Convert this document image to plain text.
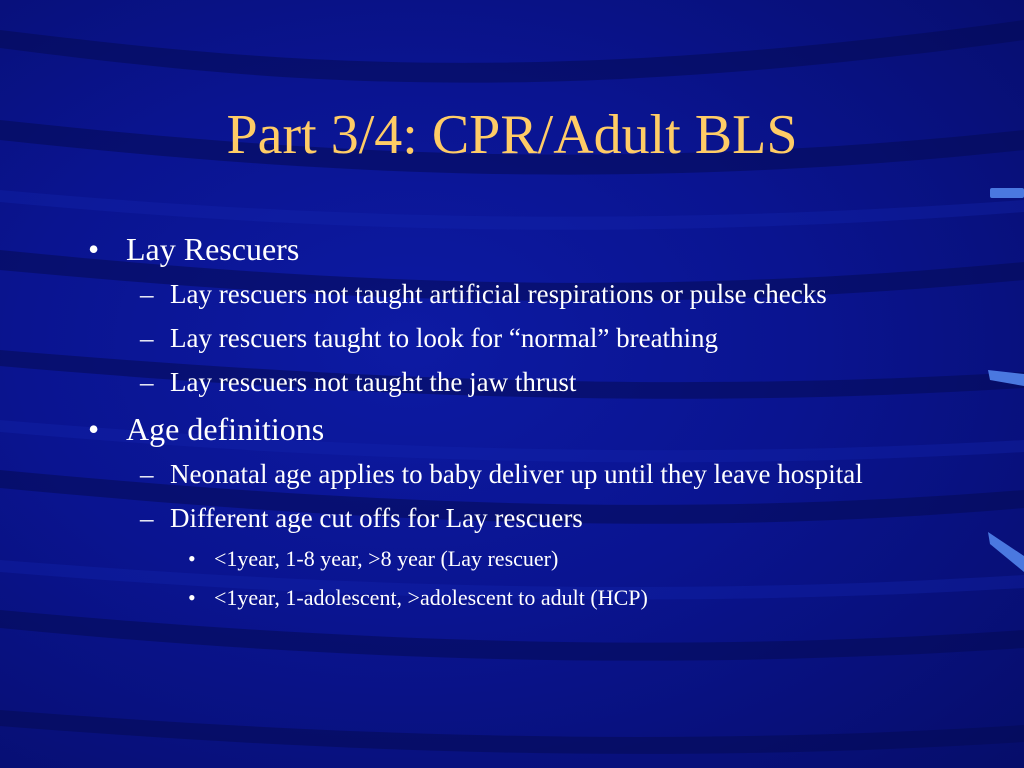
Part 3/4: CPR/Adult BLS
• Lay Rescuers
– Lay rescuers not taught artificial respirations or pulse checks
– Lay rescuers taught to look for “normal” breathing
– Lay rescuers not taught the jaw thrust
• Age definitions
– Neonatal age applies to baby deliver up until they leave hospital
– Different age cut offs for Lay rescuers
• <1year, 1-8 year, >8 year (Lay rescuer)
• <1year, 1-adolescent, >adolescent to adult (HCP)
